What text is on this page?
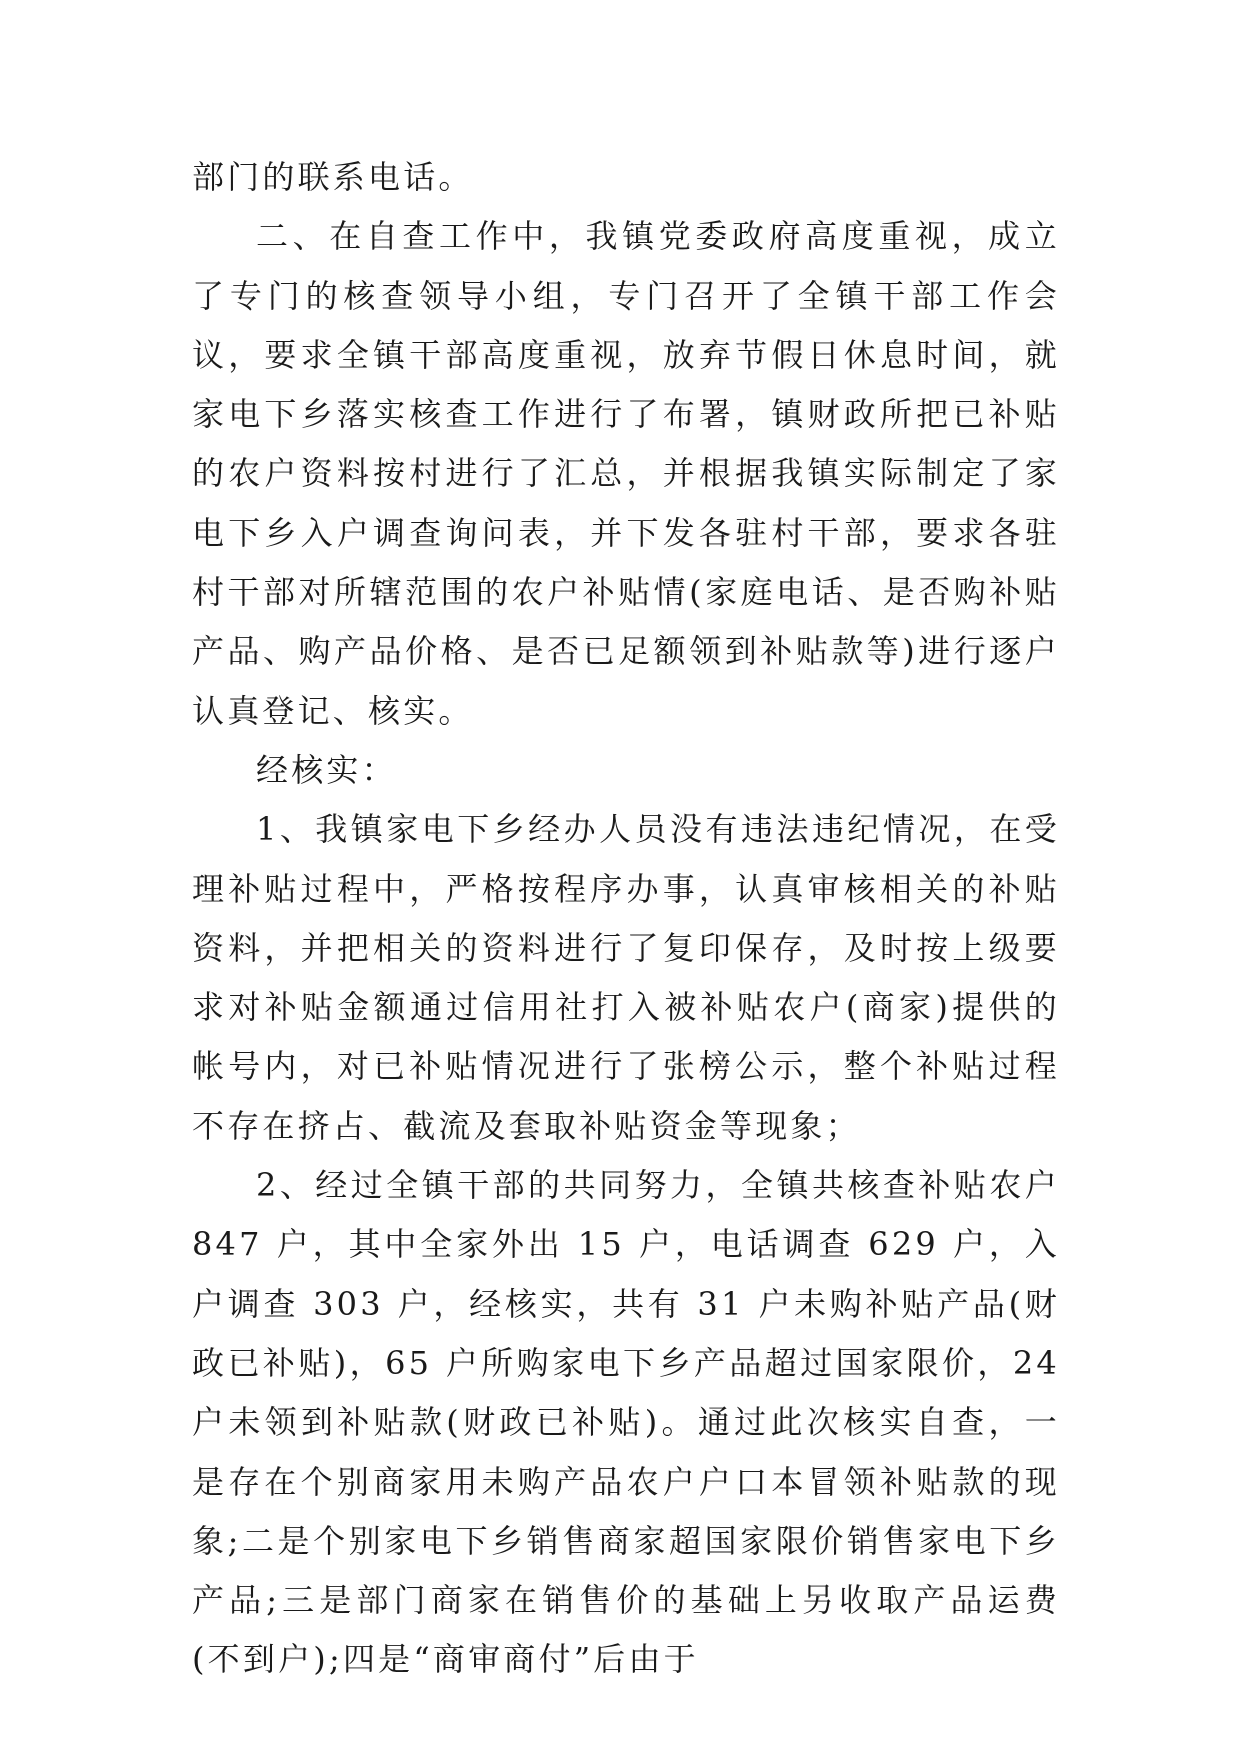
部门的联系电话。

二、在自查工作中，我镇党委政府高度重视，成立了专门的核查领导小组，专门召开了全镇干部工作会议，要求全镇干部高度重视，放弃节假日休息时间，就家电下乡落实核查工作进行了布署，镇财政所把已补贴的农户资料按村进行了汇总，并根据我镇实际制定了家电下乡入户调查询问表，并下发各驻村干部，要求各驻村干部对所辖范围的农户补贴情(家庭电话、是否购补贴产品、购产品价格、是否已足额领到补贴款等)进行逐户认真登记、核实。

经核实：

1、我镇家电下乡经办人员没有违法违纪情况，在受理补贴过程中，严格按程序办事，认真审核相关的补贴资料，并把相关的资料进行了复印保存，及时按上级要求对补贴金额通过信用社打入被补贴农户(商家)提供的帐号内，对已补贴情况进行了张榜公示，整个补贴过程不存在挤占、截流及套取补贴资金等现象；

2、经过全镇干部的共同努力，全镇共核查补贴农户 847 户，其中全家外出 15 户，电话调查 629 户，入户调查 303 户，经核实，共有 31 户未购补贴产品(财政已补贴)，65 户所购家电下乡产品超过国家限价，24 户未领到补贴款(财政已补贴)。通过此次核实自查，一是存在个别商家用未购产品农户户口本冒领补贴款的现象;二是个别家电下乡销售商家超国家限价销售家电下乡产品;三是部门商家在销售价的基础上另收取产品运费(不到户);四是“商审商付”后由于
